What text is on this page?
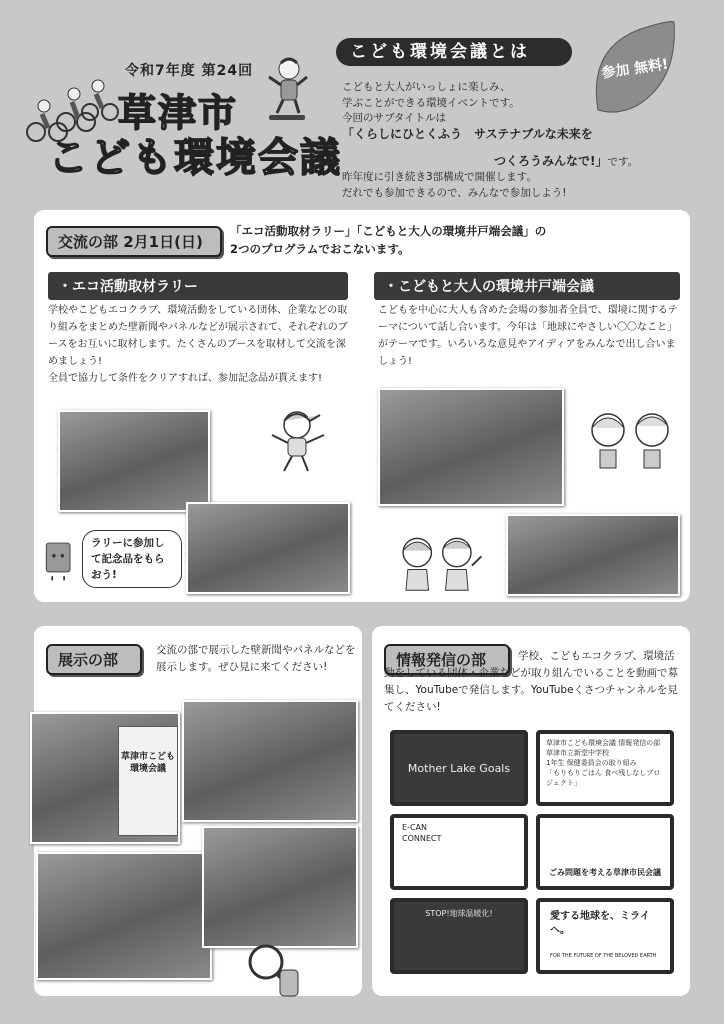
令和7年度 第24回
草津市
こども環境会議
こども環境会議とは
参加 無料!
こどもと大人がいっしょに楽しみ、
学ぶことができる環境イベントです。
今回のサブタイトルは
「くらしにひとくふう　サステナブルな未来を
つくろうみんなで!」です。
昨年度に引き続き3部構成で開催します。
だれでも参加できるので、みんなで参加しよう!
交流の部 2月1日(日)
「エコ活動取材ラリー」「こどもと大人の環境井戸端会議」の
2つのプログラムでおこないます。
・エコ活動取材ラリー
学校やこどもエコクラブ、環境活動をしている団体、企業などの取り組みをまとめた壁新聞やパネルなどが展示されて、それぞれのブースをお互いに取材します。たくさんのブースを取材して交流を深めましょう!
全員で協力して条件をクリアすれば、参加記念品が貰えます!
ラリーに参加して記念品をもらおう!
・こどもと大人の環境井戸端会議
こどもを中心に大人も含めた会場の参加者全員で、環境に関するテーマについて話し合います。今年は「地球にやさしい〇〇なこと」がテーマです。いろいろな意見やアイディアをみんなで出し合いましょう!
展示の部
交流の部で展示した壁新聞やパネルなどを展示します。ぜひ見に来てください!
草津市こども環境会議
情報発信の部	学校、こどもエコクラブ、環境活動をしている団体・企業などが取り組んでいることを動画で募集し、YouTubeで発信します。YouTubeくさつチャンネルを見てください!
Mother Lake Goals
草津市こども環境会議 情報発信の部
草津市立新堂中学校
1年生 保健委員会の取り組み
「もりもりごはん 食べ残しなしプロジェクト」
E-CAN CONNECT
ごみ問題を考える草津市民会議
STOP!地球温暖化!	愛する地球を、ミライへ。
FOR THE FUTURE OF THE BELOVED EARTH
